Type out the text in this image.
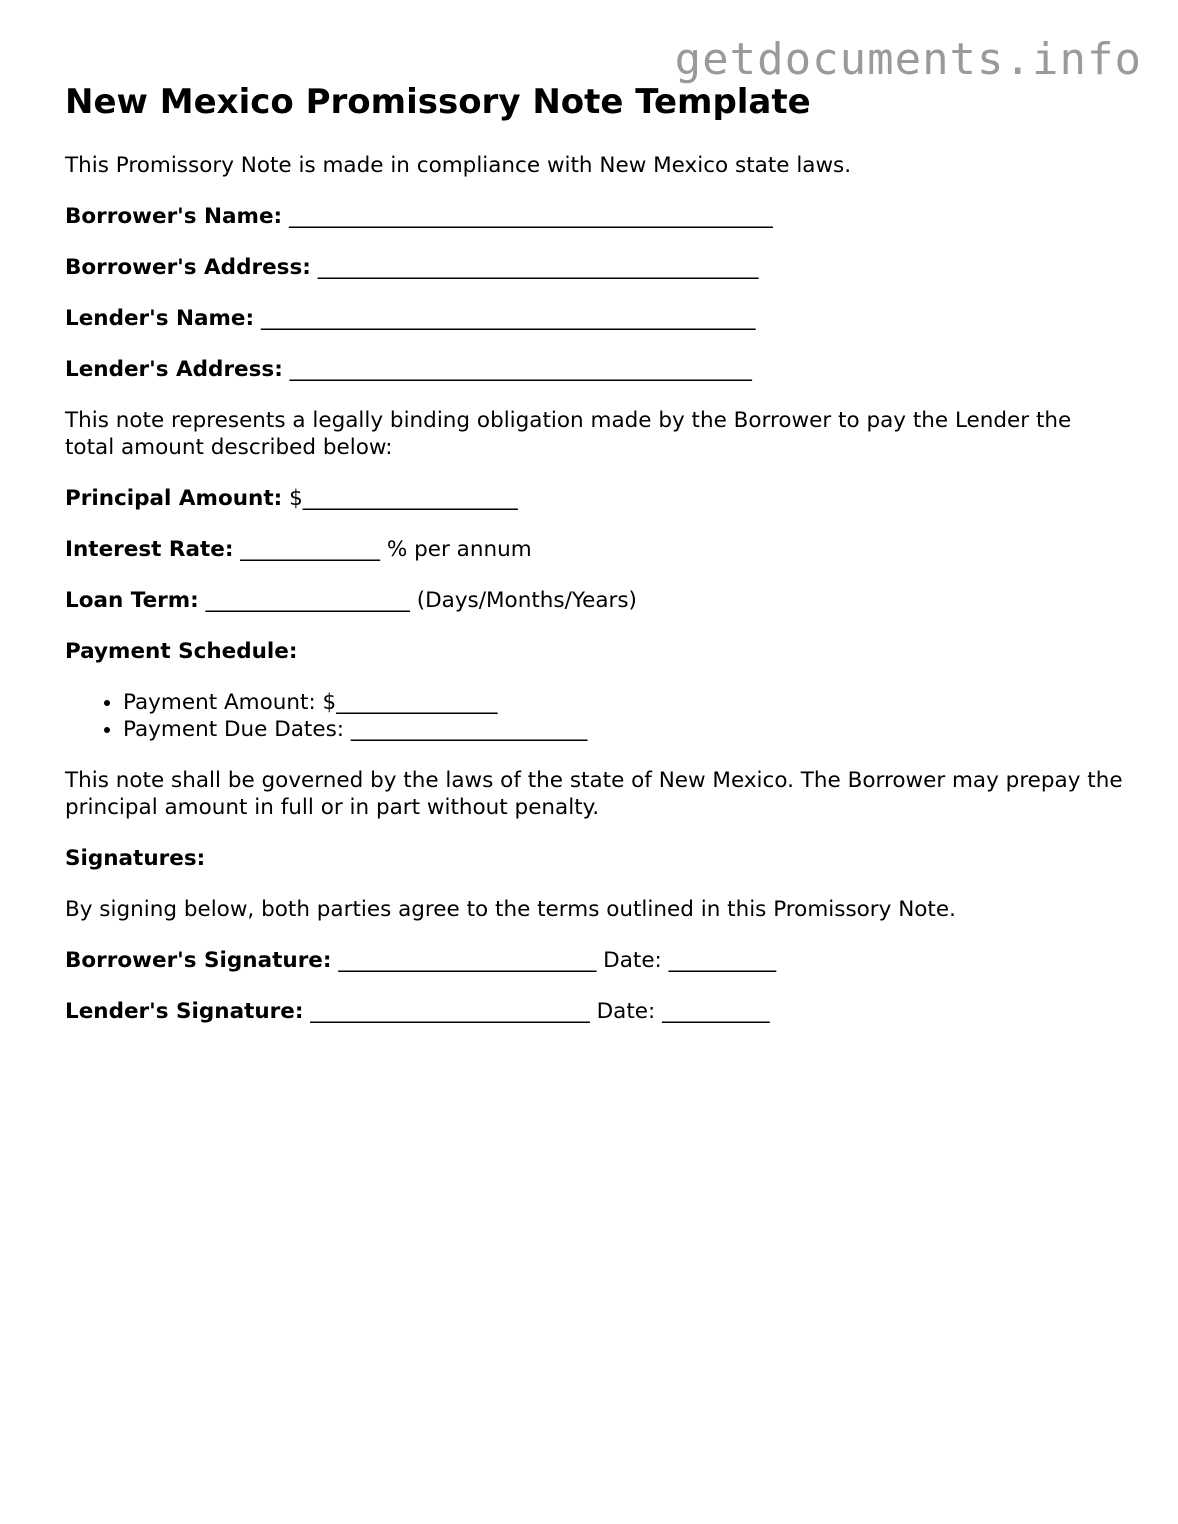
getdocuments.info
New Mexico Promissory Note Template

This Promissory Note is made in compliance with New Mexico state laws.

Borrower's Name: _____________________________________________

Borrower's Address: _________________________________________

Lender's Name: ______________________________________________

Lender's Address: ___________________________________________

This note represents a legally binding obligation made by the Borrower to pay the Lender the total amount described below:

Principal Amount: $____________________

Interest Rate: _____________ % per annum

Loan Term: ___________________ (Days/Months/Years)

Payment Schedule:

• Payment Amount: $_______________
• Payment Due Dates: ______________________

This note shall be governed by the laws of the state of New Mexico. The Borrower may prepay the principal amount in full or in part without penalty.

Signatures:

By signing below, both parties agree to the terms outlined in this Promissory Note.

Borrower's Signature: ________________________ Date: __________

Lender's Signature: __________________________ Date: __________
